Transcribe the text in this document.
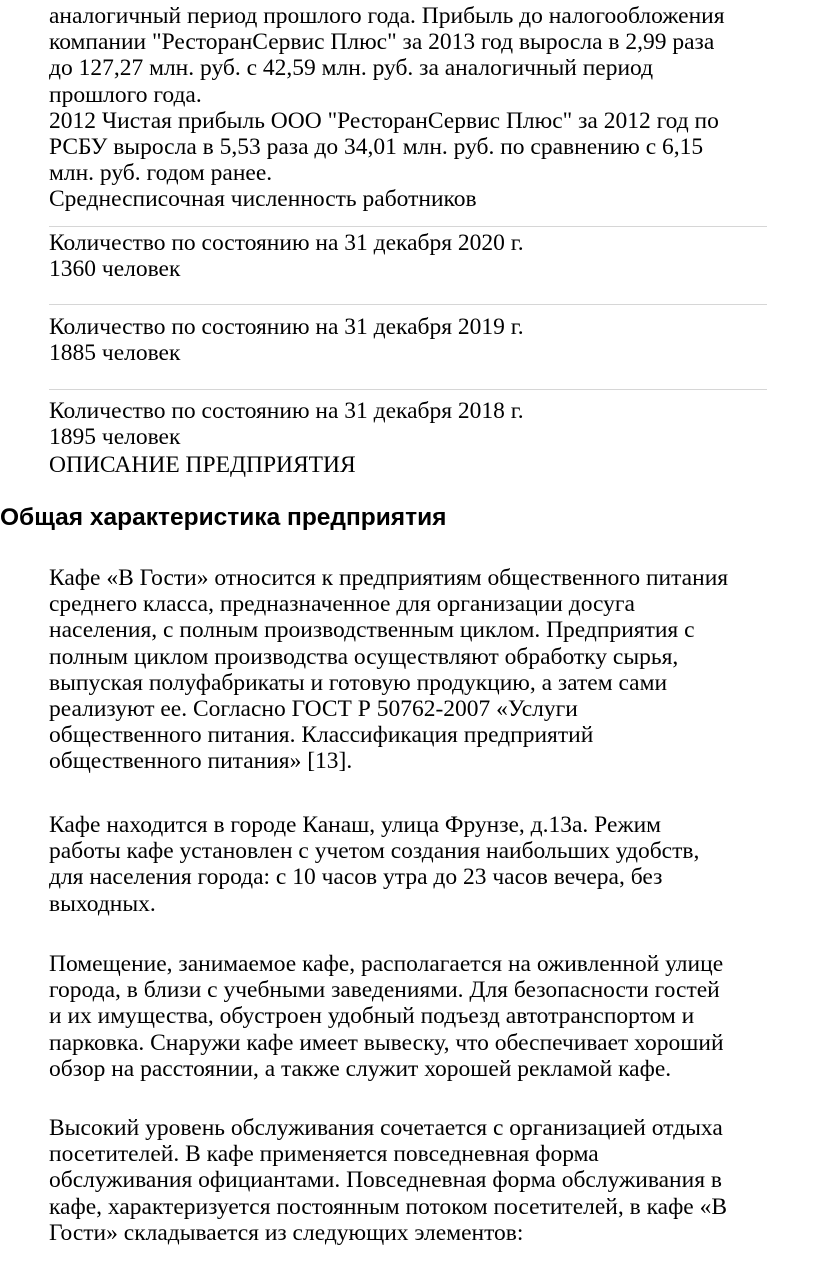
аналогичный период прошлого года. Прибыль до налогообложения

компании "РесторанСервис Плюс" за 2013 год выросла в 2,99 раза

до 127,27 млн. руб. с 42,59 млн. руб. за аналогичный период

прошлого года.

2012 Чистая прибыль ООО "РесторанСервис Плюс" за 2012 год по

РСБУ выросла в 5,53 раза до 34,01 млн. руб. по сравнению с 6,15

млн. руб. годом ранее.

Среднесписочная численность работников

Количество по состоянию на 31 декабря 2020 г.

1360 человек

Количество по состоянию на 31 декабря 2019 г.

1885 человек

Количество по состоянию на 31 декабря 2018 г.

1895 человек

ОПИСАНИЕ ПРЕДПРИЯТИЯ

Общая характеристика предприятия
Кафе «В Гости» относится к предприятиям общественного питания
среднего класса, предназначенное для организации досуга
населения, с полным производственным циклом. Предприятия с
полным циклом производства осуществляют обработку сырья,
выпуская полуфабрикаты и готовую продукцию, а затем сами
реализуют ее. Согласно ГОСТ Р 50762-2007 «Услуги
общественного питания. Классификация предприятий
общественного питания» [13].
Кафе находится в городе Канаш, улица Фрунзе, д.13а. Режим
работы кафе установлен с учетом создания наибольших удобств,
для населения города: с 10 часов утра до 23 часов вечера, без
выходных.
Помещение, занимаемое кафе, располагается на оживленной улице
города, в близи с учебными заведениями. Для безопасности гостей
и их имущества, обустроен удобный подъезд автотранспортом и
парковка. Снаружи кафе имеет вывеску, что обеспечивает хороший
обзор на расстоянии, а также служит хорошей рекламой кафе.
Высокий уровень обслуживания сочетается с организацией отдыха
посетителей. В кафе применяется повседневная форма
обслуживания официантами. Повседневная форма обслуживания в
кафе, характеризуется постоянным потоком посетителей, в кафе «В
Гости» складывается из следующих элементов:
